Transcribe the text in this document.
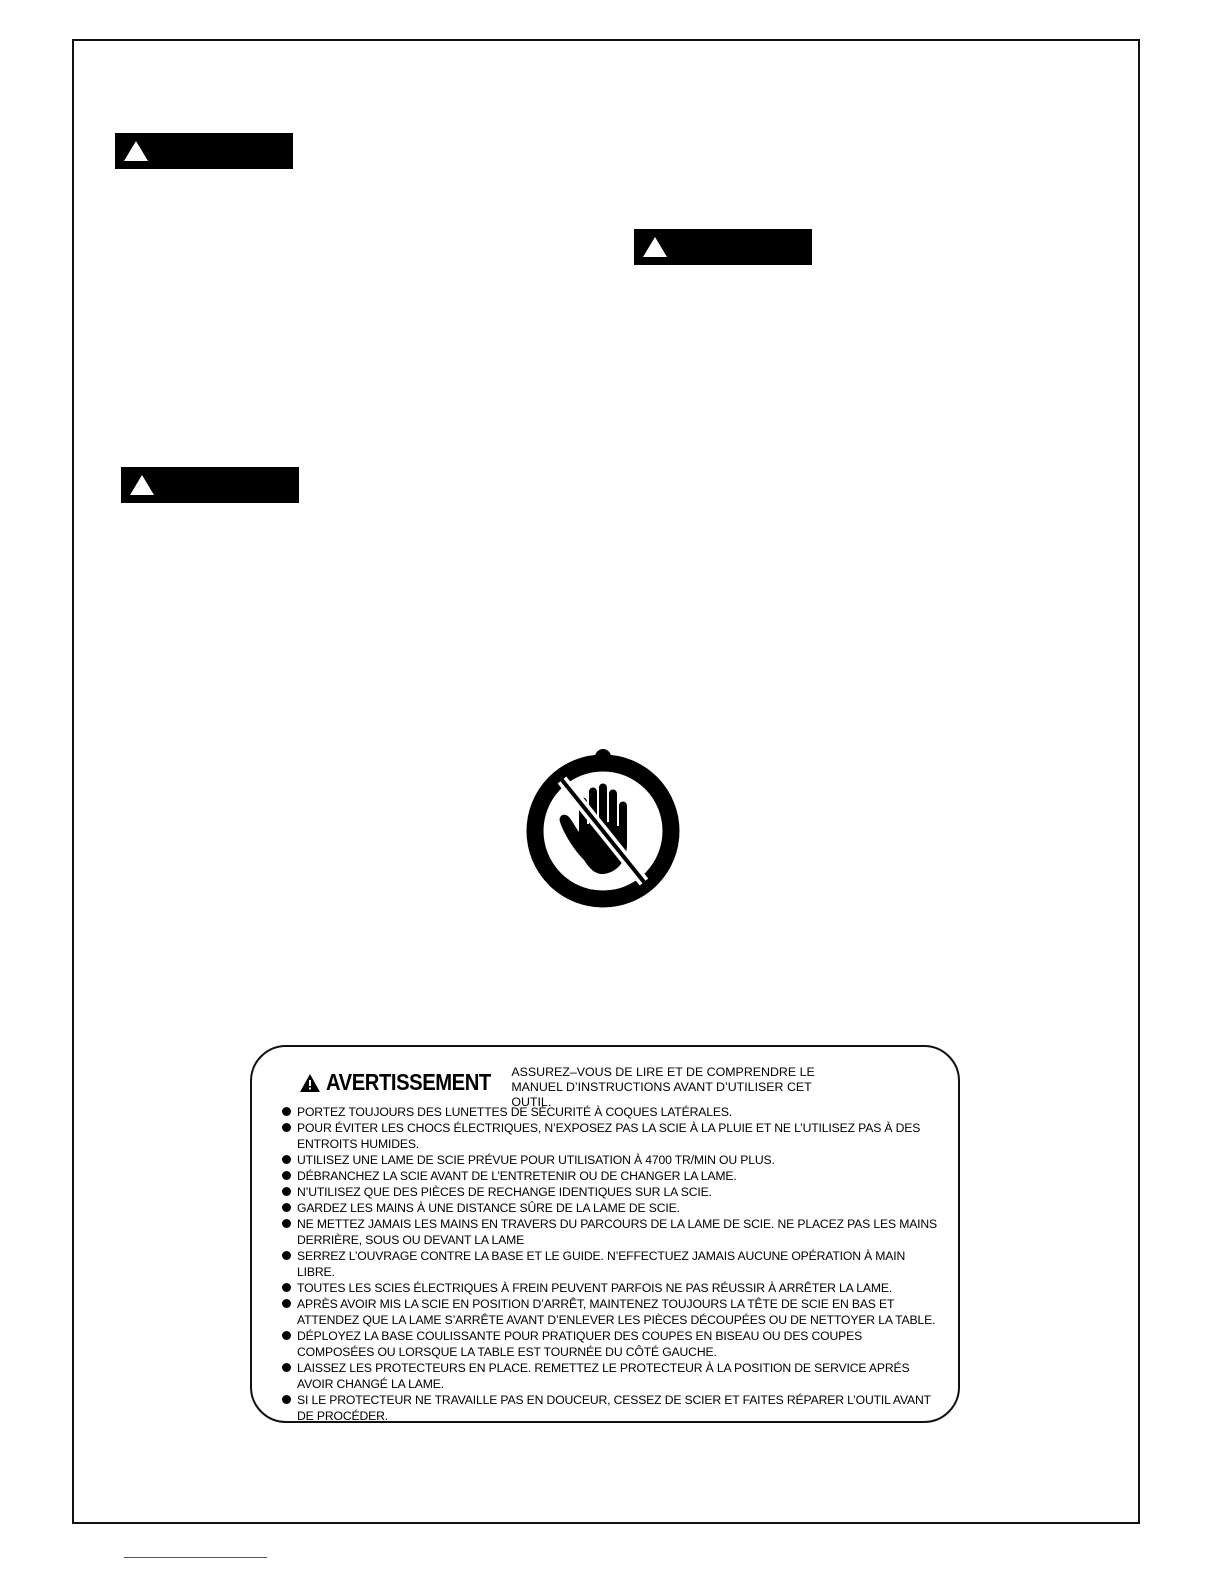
AVERTISSEMENT ASSUREZ–VOUS DE LIRE ET DE COMPRENDRE LE MANUEL D’INSTRUCTIONS AVANT D’UTILISER CET OUTIL.
PORTEZ TOUJOURS DES LUNETTES DE SÉCURITÉ À COQUES LATÉRALES.
POUR ÉVITER LES CHOCS ÉLECTRIQUES, N’EXPOSEZ PAS LA SCIE À LA PLUIE ET NE L’UTILISEZ PAS À DES ENTROITS HUMIDES.
UTILISEZ UNE LAME DE SCIE PRÉVUE POUR UTILISATION À 4700 TR/MIN OU PLUS.
DÉBRANCHEZ LA SCIE AVANT DE L’ENTRETENIR OU DE CHANGER LA LAME.
N’UTILISEZ QUE DES PIÈCES DE RECHANGE IDENTIQUES SUR LA SCIE.
GARDEZ LES MAINS À UNE DISTANCE SÛRE DE LA LAME DE SCIE.
NE METTEZ JAMAIS LES MAINS EN TRAVERS DU PARCOURS DE LA LAME DE SCIE. NE PLACEZ PAS LES MAINS DERRIÈRE, SOUS OU DEVANT LA LAME
SERREZ L’OUVRAGE CONTRE LA BASE ET LE GUIDE. N’EFFECTUEZ JAMAIS AUCUNE OPÉRATION À MAIN LIBRE.
TOUTES LES SCIES ÉLECTRIQUES À FREIN PEUVENT PARFOIS NE PAS RÉUSSIR À ARRÊTER LA LAME.
APRÈS AVOIR MIS LA SCIE EN POSITION D’ARRÊT, MAINTENEZ TOUJOURS LA TÊTE DE SCIE EN BAS ET ATTENDEZ QUE LA LAME S’ARRÊTE AVANT D’ENLEVER LES PIÈCES DÉCOUPÉES OU DE NETTOYER LA TABLE.
DÉPLOYEZ LA BASE COULISSANTE POUR PRATIQUER DES COUPES EN BISEAU OU DES COUPES COMPOSÉES OU LORSQUE LA TABLE EST TOURNÉE DU CÔTÉ GAUCHE.
LAISSEZ LES PROTECTEURS EN PLACE. REMETTEZ LE PROTECTEUR À LA POSITION DE SERVICE APRÉS AVOIR CHANGÉ LA LAME.
SI LE PROTECTEUR NE TRAVAILLE PAS EN DOUCEUR, CESSEZ DE SCIER ET FAITES RÉPARER L’OUTIL AVANT DE PROCÉDER.
